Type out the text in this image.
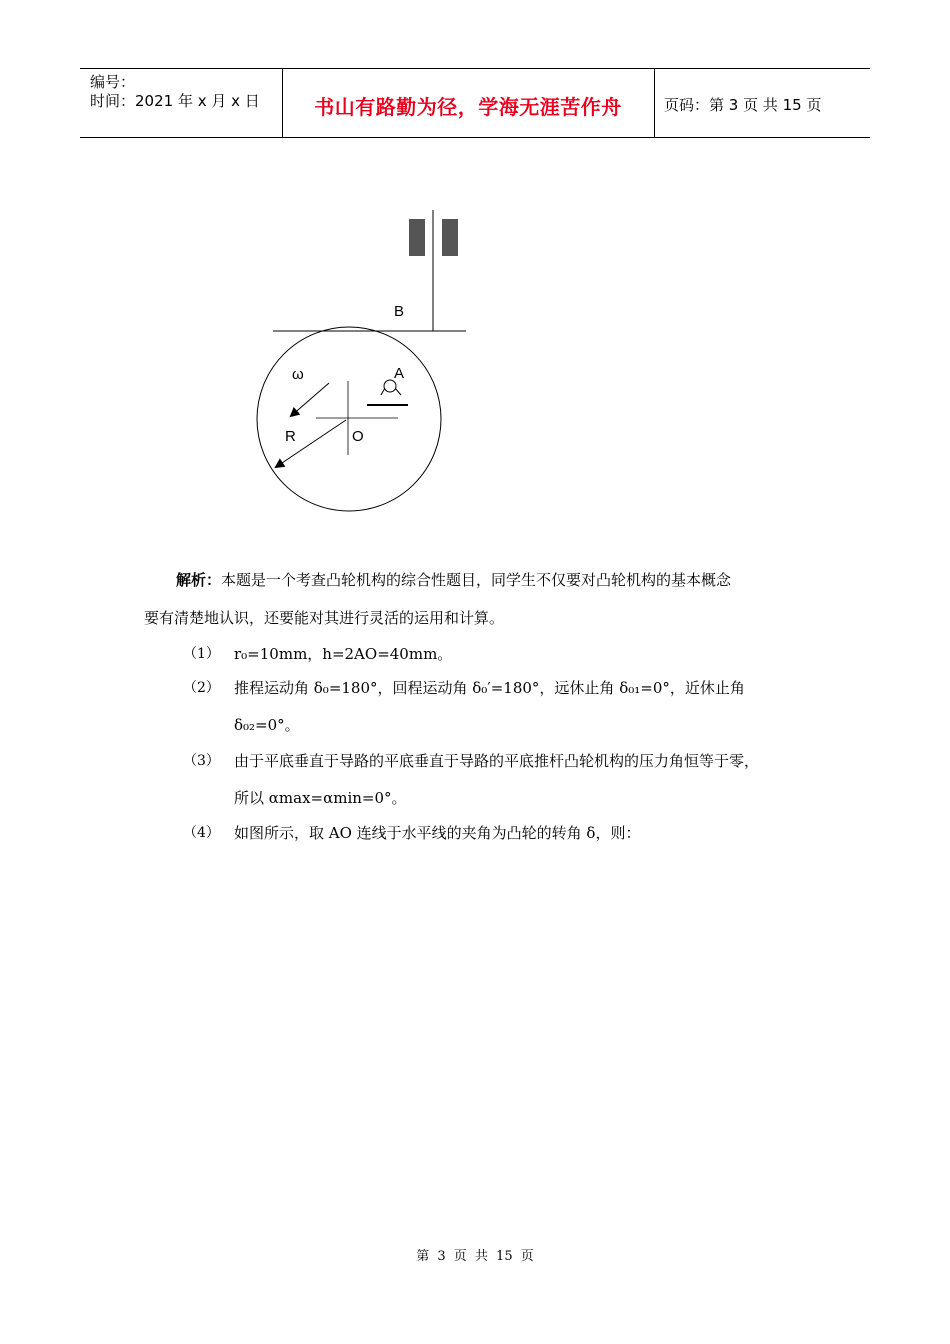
编号：
时间：2021 年 x 月 x 日	书山有路勤为径，学海无涯苦作舟	页码：第 3 页 共 15 页
B
ω	A
R	O
解析：本题是一个考查凸轮机构的综合性题目，同学生不仅要对凸轮机构的基本概念
要有清楚地认识，还要能对其进行灵活的运用和计算。
（1） r₀=10mm，h=2AO=40mm。
（2） 推程运动角 δ₀=180°，回程运动角 δ₀′=180°，远休止角 δ₀₁=0°，近休止角
δ₀₂=0°。
（3） 由于平底垂直于导路的平底垂直于导路的平底推杆凸轮机构的压力角恒等于零，
所以 αmax=αmin=0°。
（4） 如图所示，取 AO 连线于水平线的夹角为凸轮的转角 δ，则：
第 3 页 共 15 页
